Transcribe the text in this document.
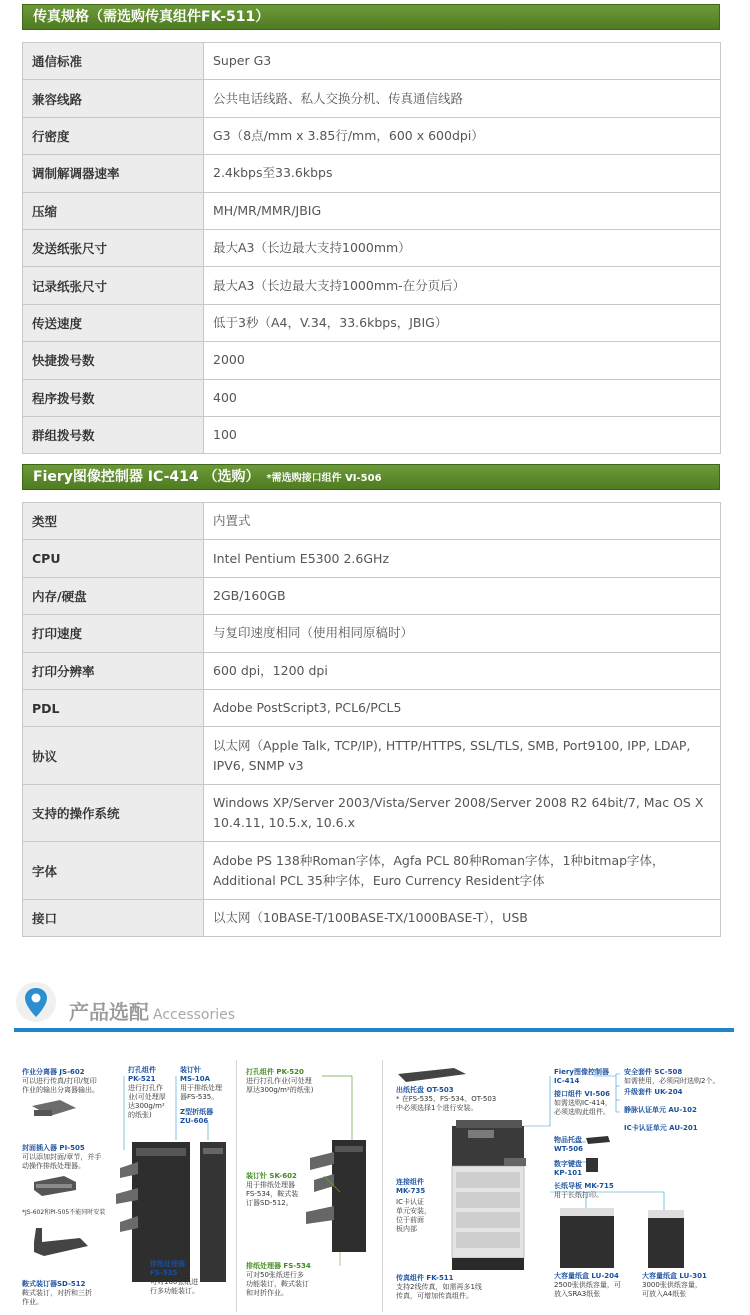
传真规格（需选购传真组件FK-511）
通信标准	Super G3
兼容线路	公共电话线路、私人交换分机、传真通信线路
行密度	G3（8点/mm x 3.85行/mm，600 x 600dpi）
调制解调器速率	2.4kbps至33.6kbps
压缩	MH/MR/MMR/JBIG
发送纸张尺寸	最大A3（长边最大支持1000mm）
记录纸张尺寸	最大A3（长边最大支持1000mm-在分页后）
传送速度	低于3秒（A4，V.34，33.6kbps，JBIG）
快捷拨号数	2000
程序拨号数	400
群组拨号数	100
Fiery图像控制器 IC-414 （选购） *需选购接口组件 VI-506
类型	内置式
CPU	Intel Pentium E5300 2.6GHz
内存/硬盘	2GB/160GB
打印速度	与复印速度相同（使用相同原稿时）
打印分辨率	600 dpi，1200 dpi
PDL	Adobe PostScript3, PCL6/PCL5
协议	以太网（Apple Talk, TCP/IP), HTTP/HTTPS, SSL/TLS, SMB, Port9100, IPP, LDAP, IPV6, SNMP v3
支持的操作系统	Windows XP/Server 2003/Vista/Server 2008/Server 2008 R2 64bit/7, Mac OS X 10.4.11, 10.5.x, 10.6.x
字体	Adobe PS 138种Roman字体，Agfa PCL 80种Roman字体，1种bitmap字体，Additional PCL 35种字体，Euro Currency Resident字体
接口	以太网（10BASE-T/100BASE-TX/1000BASE-T），USB
产品选配 Accessories
作业分离器 JS-602
可以进行传真/打印/复印
作业的输出分离器输出。
封面插入器 PI-505
可以添加封面/章节，并手
动操作排纸处理器。
*JS-602和PI-505不能同时安装
鞍式装订器SD-512
鞍式装订，对折和三折
作业。
打孔组件
PK-521
进行打孔作
业(可处理厚
达300g/m²
的纸张)
装订针
MS-10A
用于排纸处理
器FS-535。
Z型折纸器
ZU-606
排纸处理器
FS-535
可对100张纸进
行多功能装订。
打孔组件 PK-520
进行打孔作业(可处理
厚达300g/m²的纸张)
装订针 SK-602
用于排纸处理器
FS-534，鞍式装
订器SD-512。
排纸处理器 FS-534
可对50张纸进行多
功能装订，鞍式装订
和对折作业。
出纸托盘 OT-503
* 在FS-535、FS-534、OT-503
中必须选择1个进行安装。
连接组件
MK-735
IC卡认证
单元安装，
位于前面
板内部
传真组件 FK-511
支持2线传真，如需再多1线
传真，可增加传真组件。
Fiery图像控制器
IC-414
接口组件 VI-506
如需选购IC-414，
必须选购此组件。
物品托盘
WT-506
数字键盘
KP-101
长纸导板 MK-715
用于长纸打印。
安全套件 SC-508
如需使用，必须同时选购2个。
升级套件 UK-204
静脉认证单元 AU-102
IC卡认证单元 AU-201
大容量纸盒 LU-204
2500张供纸容量，可
放入SRA3纸张
大容量纸盒 LU-301
3000张供纸容量，
可放入A4纸张
